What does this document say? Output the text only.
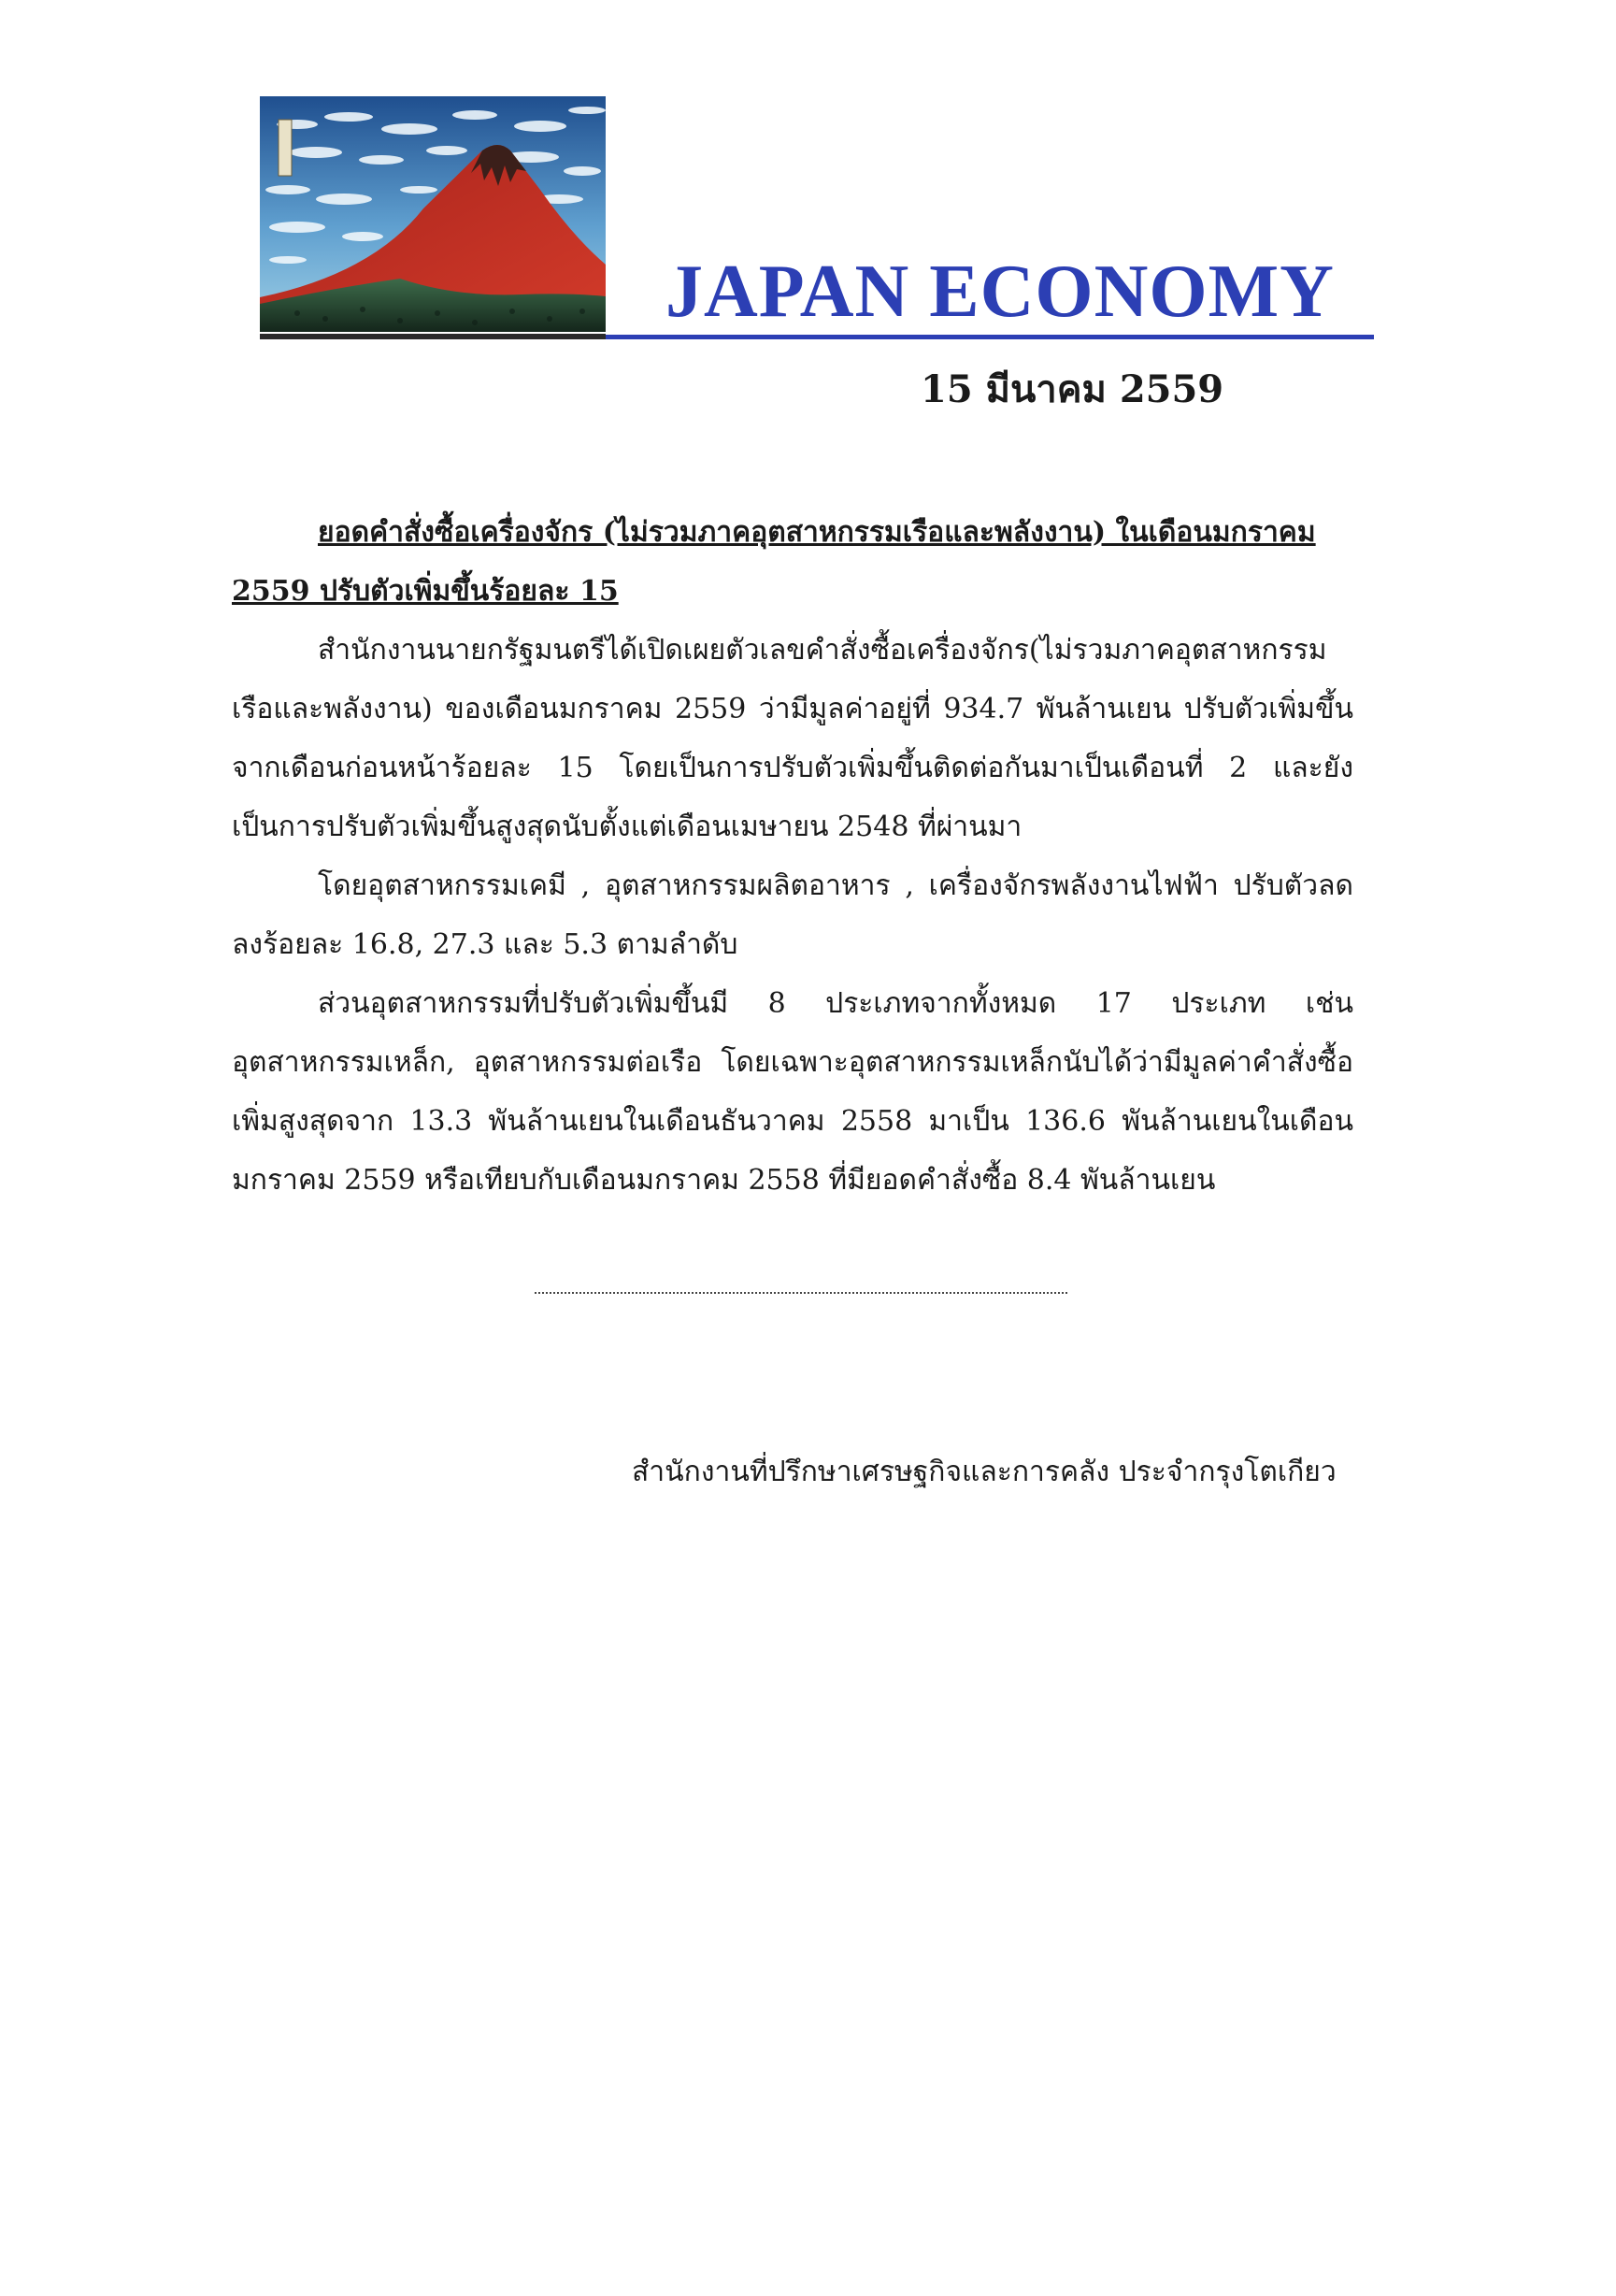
JAPAN ECONOMY
15 มีนาคม 2559

ยอดคำสั่งซื้อเครื่องจักร (ไม่รวมภาคอุตสาหกรรมเรือและพลังงาน) ในเดือนมกราคม 2559 ปรับตัวเพิ่มขึ้นร้อยละ 15

สำนักงานนายกรัฐมนตรีได้เปิดเผยตัวเลขคำสั่งซื้อเครื่องจักร(ไม่รวมภาคอุตสาหกรรมเรือและพลังงาน) ของเดือนมกราคม 2559 ว่ามีมูลค่าอยู่ที่ 934.7 พันล้านเยน ปรับตัวเพิ่มขึ้นจากเดือนก่อนหน้าร้อยละ 15 โดยเป็นการปรับตัวเพิ่มขึ้นติดต่อกันมาเป็นเดือนที่ 2 และยังเป็นการปรับตัวเพิ่มขึ้นสูงสุดนับตั้งแต่เดือนเมษายน 2548 ที่ผ่านมา

โดยอุตสาหกรรมเคมี , อุตสาหกรรมผลิตอาหาร , เครื่องจักรพลังงานไฟฟ้า ปรับตัวลดลงร้อยละ 16.8, 27.3 และ 5.3 ตามลำดับ

ส่วนอุตสาหกรรมที่ปรับตัวเพิ่มขึ้นมี 8 ประเภทจากทั้งหมด 17 ประเภท เช่น อุตสาหกรรมเหล็ก, อุตสาหกรรมต่อเรือ โดยเฉพาะอุตสาหกรรมเหล็กนับได้ว่ามีมูลค่าคำสั่งซื้อเพิ่มสูงสุดจาก 13.3 พันล้านเยนในเดือนธันวาคม 2558 มาเป็น 136.6 พันล้านเยนในเดือนมกราคม 2559 หรือเทียบกับเดือนมกราคม 2558 ที่มียอดคำสั่งซื้อ 8.4 พันล้านเยน

สำนักงานที่ปรึกษาเศรษฐกิจและการคลัง ประจำกรุงโตเกียว
